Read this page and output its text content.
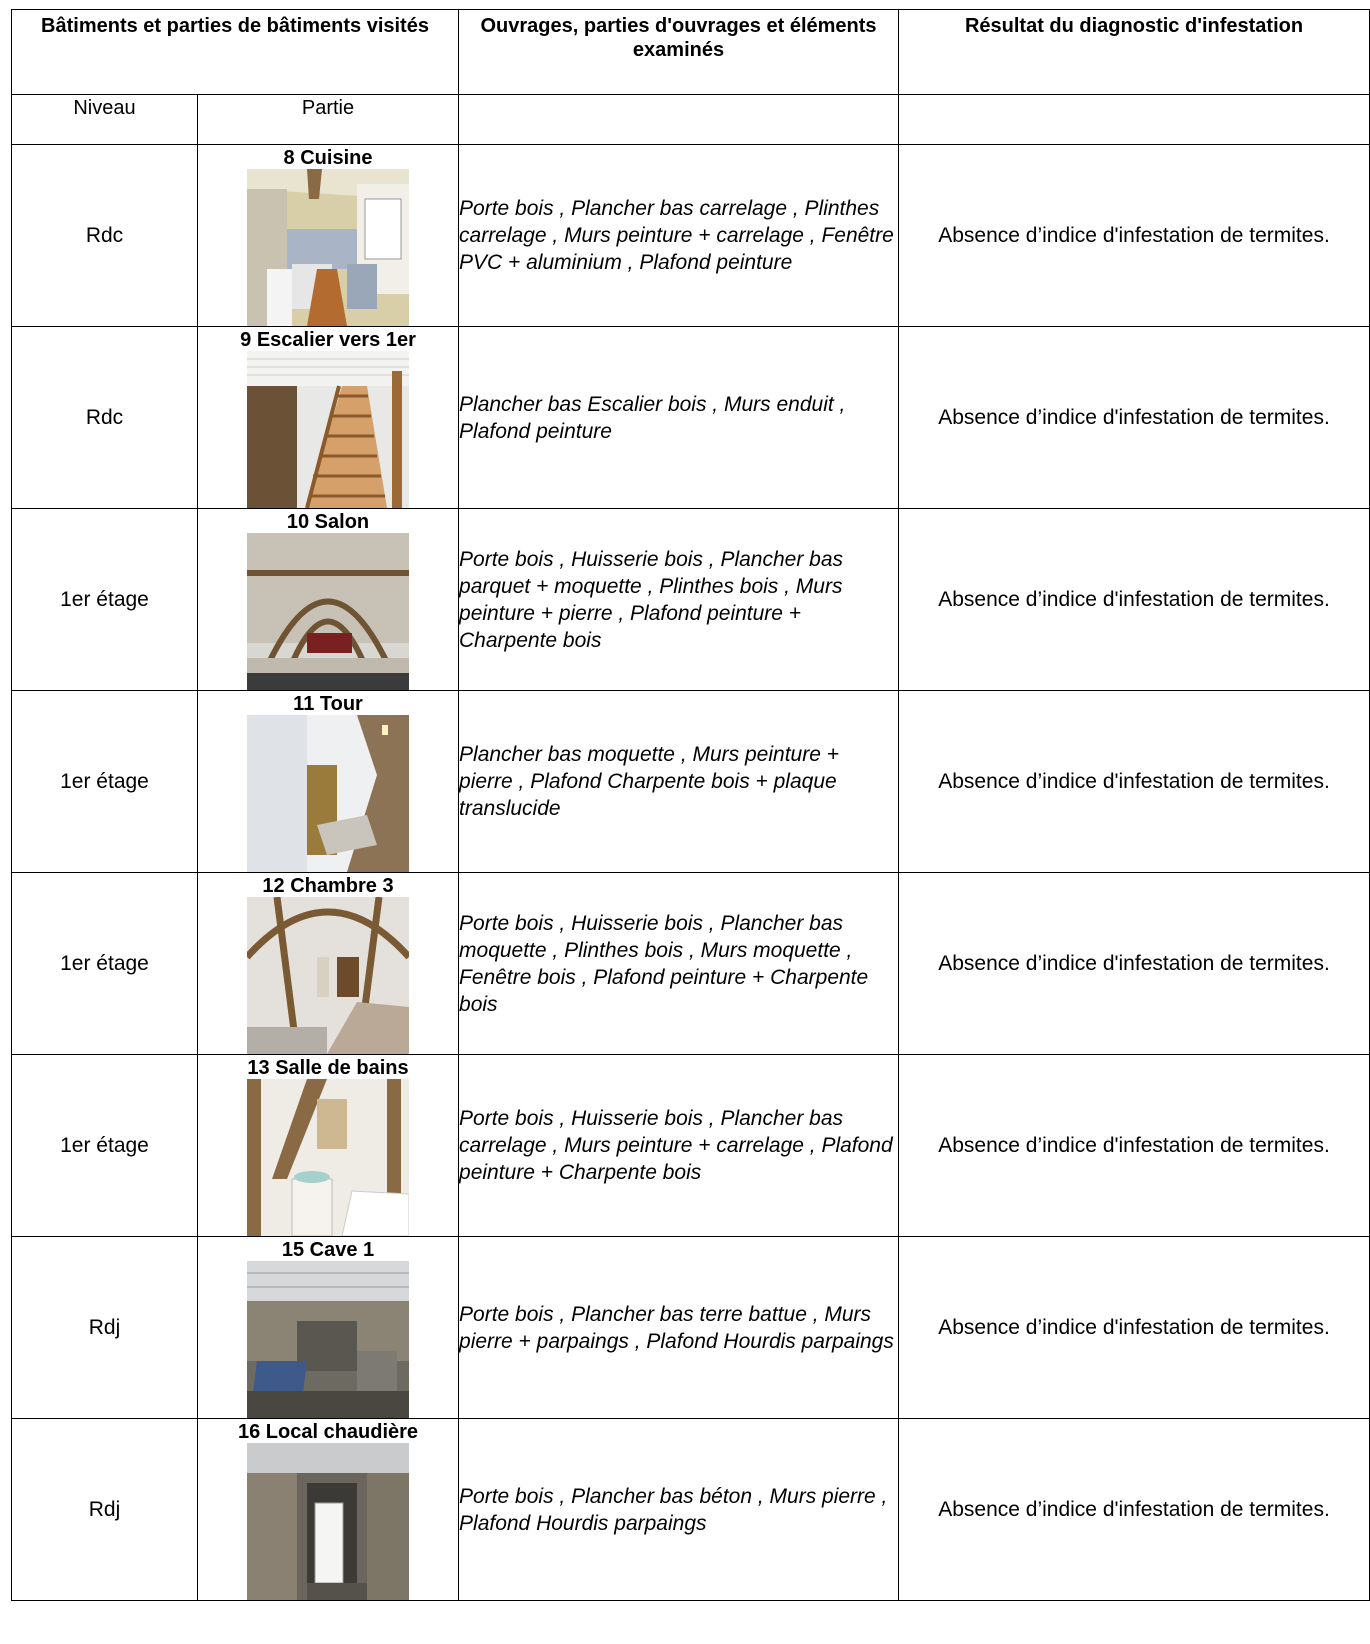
Bâtiments et parties de bâtiments visités		Ouvrages, parties d'ouvrages et éléments examinés	Résultat du diagnostic d'infestation
Niveau	Partie		
Rdc	8 Cuisine	Porte bois , Plancher bas carrelage , Plinthes carrelage , Murs peinture + carrelage , Fenêtre PVC + aluminium , Plafond peinture	Absence d’indice d'infestation de termites.
Rdc	9 Escalier vers 1er	Plancher bas Escalier bois , Murs enduit , Plafond peinture	Absence d’indice d'infestation de termites.
1er étage	10 Salon	Porte bois , Huisserie bois , Plancher bas parquet + moquette , Plinthes bois , Murs peinture + pierre , Plafond peinture + Charpente bois	Absence d’indice d'infestation de termites.
1er étage	11 Tour	Plancher bas moquette , Murs peinture + pierre , Plafond Charpente bois + plaque translucide	Absence d’indice d'infestation de termites.
1er étage	12 Chambre 3	Porte bois , Huisserie bois , Plancher bas moquette , Plinthes bois , Murs moquette , Fenêtre bois , Plafond peinture + Charpente bois	Absence d’indice d'infestation de termites.
1er étage	13 Salle de bains	Porte bois , Huisserie bois , Plancher bas carrelage , Murs peinture + carrelage , Plafond peinture + Charpente bois	Absence d’indice d'infestation de termites.
Rdj	15 Cave 1	Porte bois , Plancher bas terre battue , Murs pierre + parpaings , Plafond Hourdis parpaings	Absence d’indice d'infestation de termites.
Rdj	16 Local chaudière	Porte bois , Plancher bas béton , Murs pierre , Plafond Hourdis parpaings	Absence d’indice d'infestation de termites.
